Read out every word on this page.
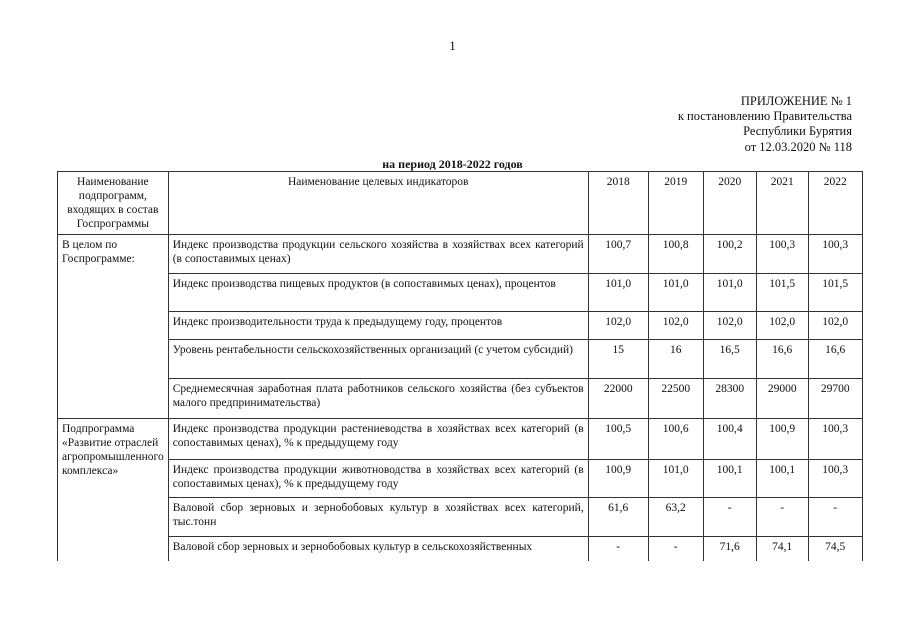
1
ПРИЛОЖЕНИЕ № 1
к постановлению Правительства
Республики Бурятия
от 12.03.2020 № 118
на период 2018-2022 годов
Наименование подпрограмм, входящих в состав Госпрограммы	Наименование целевых индикаторов	2018	2019	2020	2021	2022
В целом по Госпрограмме:	Индекс производства продукции сельского хозяйства в хозяйствах всех категорий (в сопоставимых ценах)	100,7	100,8	100,2	100,3	100,3
	Индекс производства пищевых продуктов (в сопоставимых ценах), процентов	101,0	101,0	101,0	101,5	101,5
	Индекс производительности труда к предыдущему году, процентов	102,0	102,0	102,0	102,0	102,0
	Уровень рентабельности сельскохозяйственных организаций (с учетом субсидий)	15	16	16,5	16,6	16,6
	Среднемесячная заработная плата работников сельского хозяйства (без субъектов малого предпринимательства)	22000	22500	28300	29000	29700
Подпрограмма «Развитие отраслей агропромышленного комплекса»	Индекс производства продукции растениеводства в хозяйствах всех категорий (в сопоставимых ценах), % к предыдущему году	100,5	100,6	100,4	100,9	100,3
	Индекс производства продукции животноводства в хозяйствах всех категорий (в сопоставимых ценах), % к предыдущему году	100,9	101,0	100,1	100,1	100,3
	Валовой сбор зерновых и зернобобовых культур в хозяйствах всех категорий, тыс.тонн	61,6	63,2	-	-	-
	Валовой сбор зерновых и зернобобовых культур в сельскохозяйственных	-	-	71,6	74,1	74,5
